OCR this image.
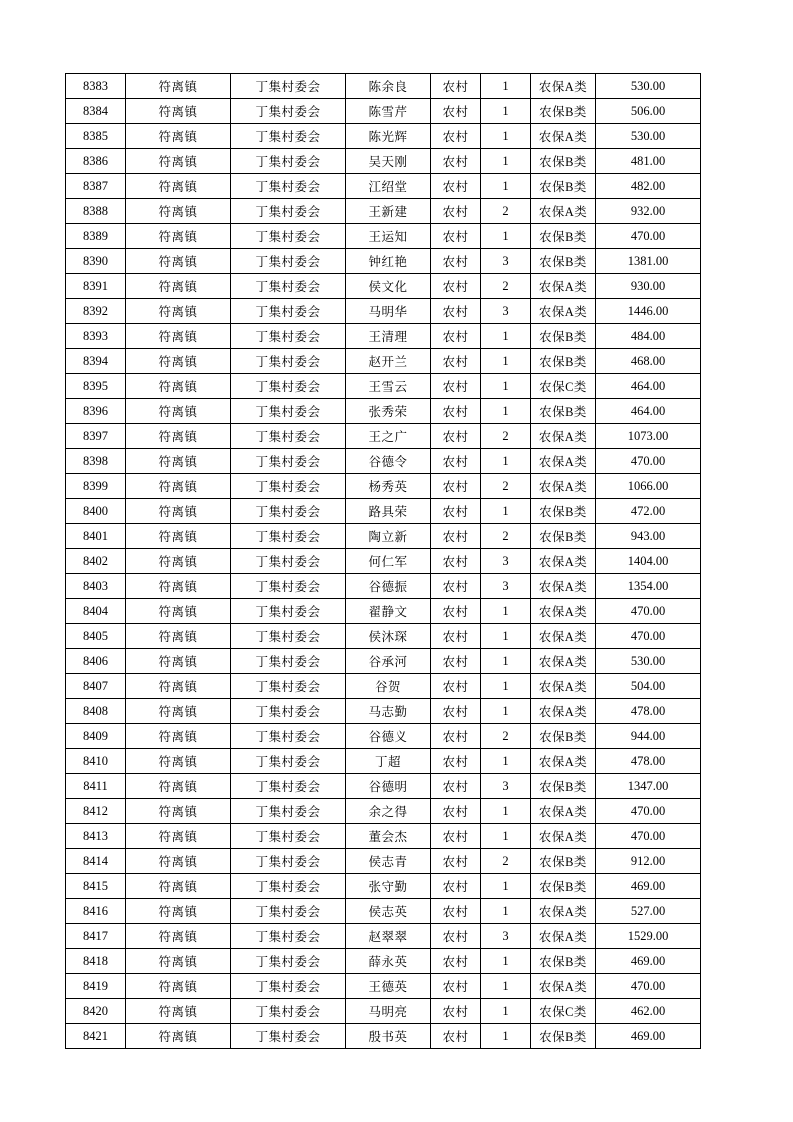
8383	符离镇	丁集村委会	陈余良	农村	1	农保A类	530.00
8384	符离镇	丁集村委会	陈雪芹	农村	1	农保B类	506.00
8385	符离镇	丁集村委会	陈光辉	农村	1	农保A类	530.00
8386	符离镇	丁集村委会	吴天刚	农村	1	农保B类	481.00
8387	符离镇	丁集村委会	江绍堂	农村	1	农保B类	482.00
8388	符离镇	丁集村委会	王新建	农村	2	农保A类	932.00
8389	符离镇	丁集村委会	王运知	农村	1	农保B类	470.00
8390	符离镇	丁集村委会	钟红艳	农村	3	农保B类	1381.00
8391	符离镇	丁集村委会	侯文化	农村	2	农保A类	930.00
8392	符离镇	丁集村委会	马明华	农村	3	农保A类	1446.00
8393	符离镇	丁集村委会	王清理	农村	1	农保B类	484.00
8394	符离镇	丁集村委会	赵开兰	农村	1	农保B类	468.00
8395	符离镇	丁集村委会	王雪云	农村	1	农保C类	464.00
8396	符离镇	丁集村委会	张秀荣	农村	1	农保B类	464.00
8397	符离镇	丁集村委会	王之广	农村	2	农保A类	1073.00
8398	符离镇	丁集村委会	谷德令	农村	1	农保A类	470.00
8399	符离镇	丁集村委会	杨秀英	农村	2	农保A类	1066.00
8400	符离镇	丁集村委会	路具荣	农村	1	农保B类	472.00
8401	符离镇	丁集村委会	陶立新	农村	2	农保B类	943.00
8402	符离镇	丁集村委会	何仁军	农村	3	农保A类	1404.00
8403	符离镇	丁集村委会	谷德振	农村	3	农保A类	1354.00
8404	符离镇	丁集村委会	翟静文	农村	1	农保A类	470.00
8405	符离镇	丁集村委会	侯沐琛	农村	1	农保A类	470.00
8406	符离镇	丁集村委会	谷承河	农村	1	农保A类	530.00
8407	符离镇	丁集村委会	谷贺	农村	1	农保A类	504.00
8408	符离镇	丁集村委会	马志勤	农村	1	农保A类	478.00
8409	符离镇	丁集村委会	谷德义	农村	2	农保B类	944.00
8410	符离镇	丁集村委会	丁超	农村	1	农保A类	478.00
8411	符离镇	丁集村委会	谷德明	农村	3	农保B类	1347.00
8412	符离镇	丁集村委会	余之得	农村	1	农保A类	470.00
8413	符离镇	丁集村委会	董会杰	农村	1	农保A类	470.00
8414	符离镇	丁集村委会	侯志青	农村	2	农保B类	912.00
8415	符离镇	丁集村委会	张守勤	农村	1	农保B类	469.00
8416	符离镇	丁集村委会	侯志英	农村	1	农保A类	527.00
8417	符离镇	丁集村委会	赵翠翠	农村	3	农保A类	1529.00
8418	符离镇	丁集村委会	薛永英	农村	1	农保B类	469.00
8419	符离镇	丁集村委会	王德英	农村	1	农保A类	470.00
8420	符离镇	丁集村委会	马明亮	农村	1	农保C类	462.00
8421	符离镇	丁集村委会	殷书英	农村	1	农保B类	469.00
